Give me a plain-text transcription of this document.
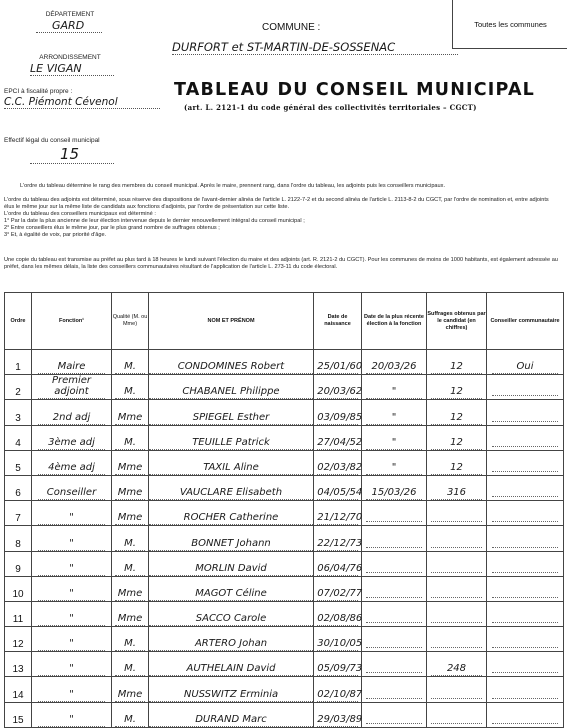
DÉPARTEMENT
GARD
ARRONDISSEMENT
LE VIGAN
EPCI à fiscalité propre :
C.C. Piémont Cévenol
Effectif légal du conseil municipal
15
COMMUNE :
DURFORT et ST-MARTIN-DE-SOSSENAC
Toutes les communes
TABLEAU DU CONSEIL MUNICIPAL
(art. L. 2121-1 du code général des collectivités territoriales – CGCT)
L'ordre du tableau détermine le rang des membres du conseil municipal. Après le maire, prennent rang, dans l'ordre du tableau, les adjoints puis les conseillers municipaux.
L'ordre du tableau des adjoints est déterminé, sous réserve des dispositions de l'avant-dernier alinéa de l'article L. 2122-7-2 et du second alinéa de l'article L. 2113-8-2 du CGCT, par l'ordre de nomination et, entre adjoints élus le même jour sur la même liste de candidats aux fonctions d'adjoints, par l'ordre de présentation sur cette liste.
L'ordre du tableau des conseillers municipaux est déterminé :
1° Par la date la plus ancienne de leur élection intervenue depuis le dernier renouvellement intégral du conseil municipal ;
2° Entre conseillers élus le même jour, par le plus grand nombre de suffrages obtenus ;
3° Et, à égalité de voix, par priorité d'âge.
Une copie du tableau est transmise au préfet au plus tard à 18 heures le lundi suivant l'élection du maire et des adjoints (art. R. 2121-2 du CGCT). Pour les communes de moins de 1000 habitants, est également adressée au préfet, dans les mêmes délais, la liste des conseillers communautaires résultant de l'application de l'article L. 273-11 du code électoral.
Ordre	Fonction¹	Qualité (M. ou Mme)	NOM ET PRÉNOM	Date de naissance	Date de la plus récente élection à la fonction	Suffrages obtenus par le candidat (en chiffres)	Conseiller communautaire
1	Maire	M.	CONDOMINES Robert	25/01/60	20/03/26	12	Oui
2	Premier adjoint	M.	CHABANEL Philippe	20/03/62	"	12	
3	2nd adj	Mme	SPIEGEL Esther	03/09/85	"	12	
4	3ème adj	M.	TEUILLE Patrick	27/04/52	"	12	
5	4ème adj	Mme	TAXIL Aline	02/03/82	"	12	
6	Conseiller	Mme	VAUCLARE Elisabeth	04/05/54	15/03/26	316	
7	"	Mme	ROCHER Catherine	21/12/70			
8	"	M.	BONNET Johann	22/12/73			
9	"	M.	MORLIN David	06/04/76			
10	"	Mme	MAGOT Céline	07/02/77			
11	"	Mme	SACCO Carole	02/08/86			
12	"	M.	ARTERO Johan	30/10/05			
13	"	M.	AUTHELAIN David	05/09/73		248	
14	"	Mme	NUSSWITZ Erminia	02/10/87			
15	"	M.	DURAND Marc	29/03/89			
